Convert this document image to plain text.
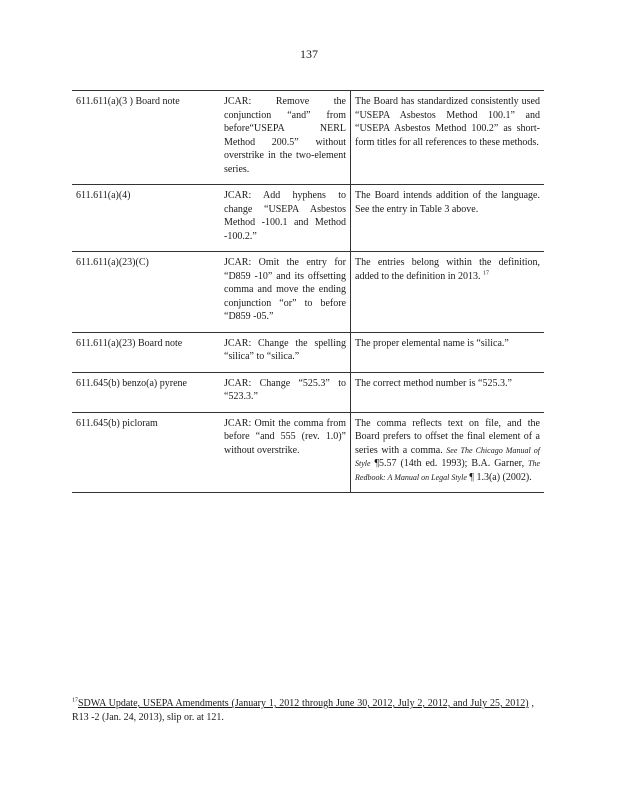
137
611.611(a)(3 ) Board note	JCAR: Remove the conjunction “and” from before“USEPA NERL Method 200.5” without overstrike in the two-element series.	The Board has standardized consistently used “USEPA Asbestos Method 100.1” and “USEPA Asbestos Method 100.2” as short-form titles for all references to these methods.
611.611(a)(4)	JCAR: Add hyphens to change “USEPA Asbestos Method -100.1 and Method -100.2.”	The Board intends addition of the language. See the entry in Table 3 above.
611.611(a)(23)(C)	JCAR: Omit the entry for “D859 -10” and its offsetting comma and move the ending conjunction “or” to before “D859 -05.”	The entries belong within the definition, added to the definition in 2013. $^{17}$
611.611(a)(23) Board note	JCAR: Change the spelling “silica” to “silica.”	The proper elemental name is “silica.”
611.645(b) benzo(a) pyrene	JCAR: Change “525.3” to “523.3.”	The correct method number is “525.3.”
611.645(b) picloram	JCAR: Omit the comma from before “and 555 (rev. 1.0)” without overstrike.	The comma reflects text on file, and the Board prefers to offset the final element of a series with a comma. See The Chicago Manual of Style ¶5.57 (14th ed. 1993); B.A. Garner, The Redbook: A Manual on Legal Style ¶ 1.3(a) (2002).
$^{17}$SDWA Update, USEPA Amendments (January 1, 2012 through June 30, 2012, July 2, 2012, and July 25, 2012) , R13 -2 (Jan. 24, 2013), slip or. at 121.
